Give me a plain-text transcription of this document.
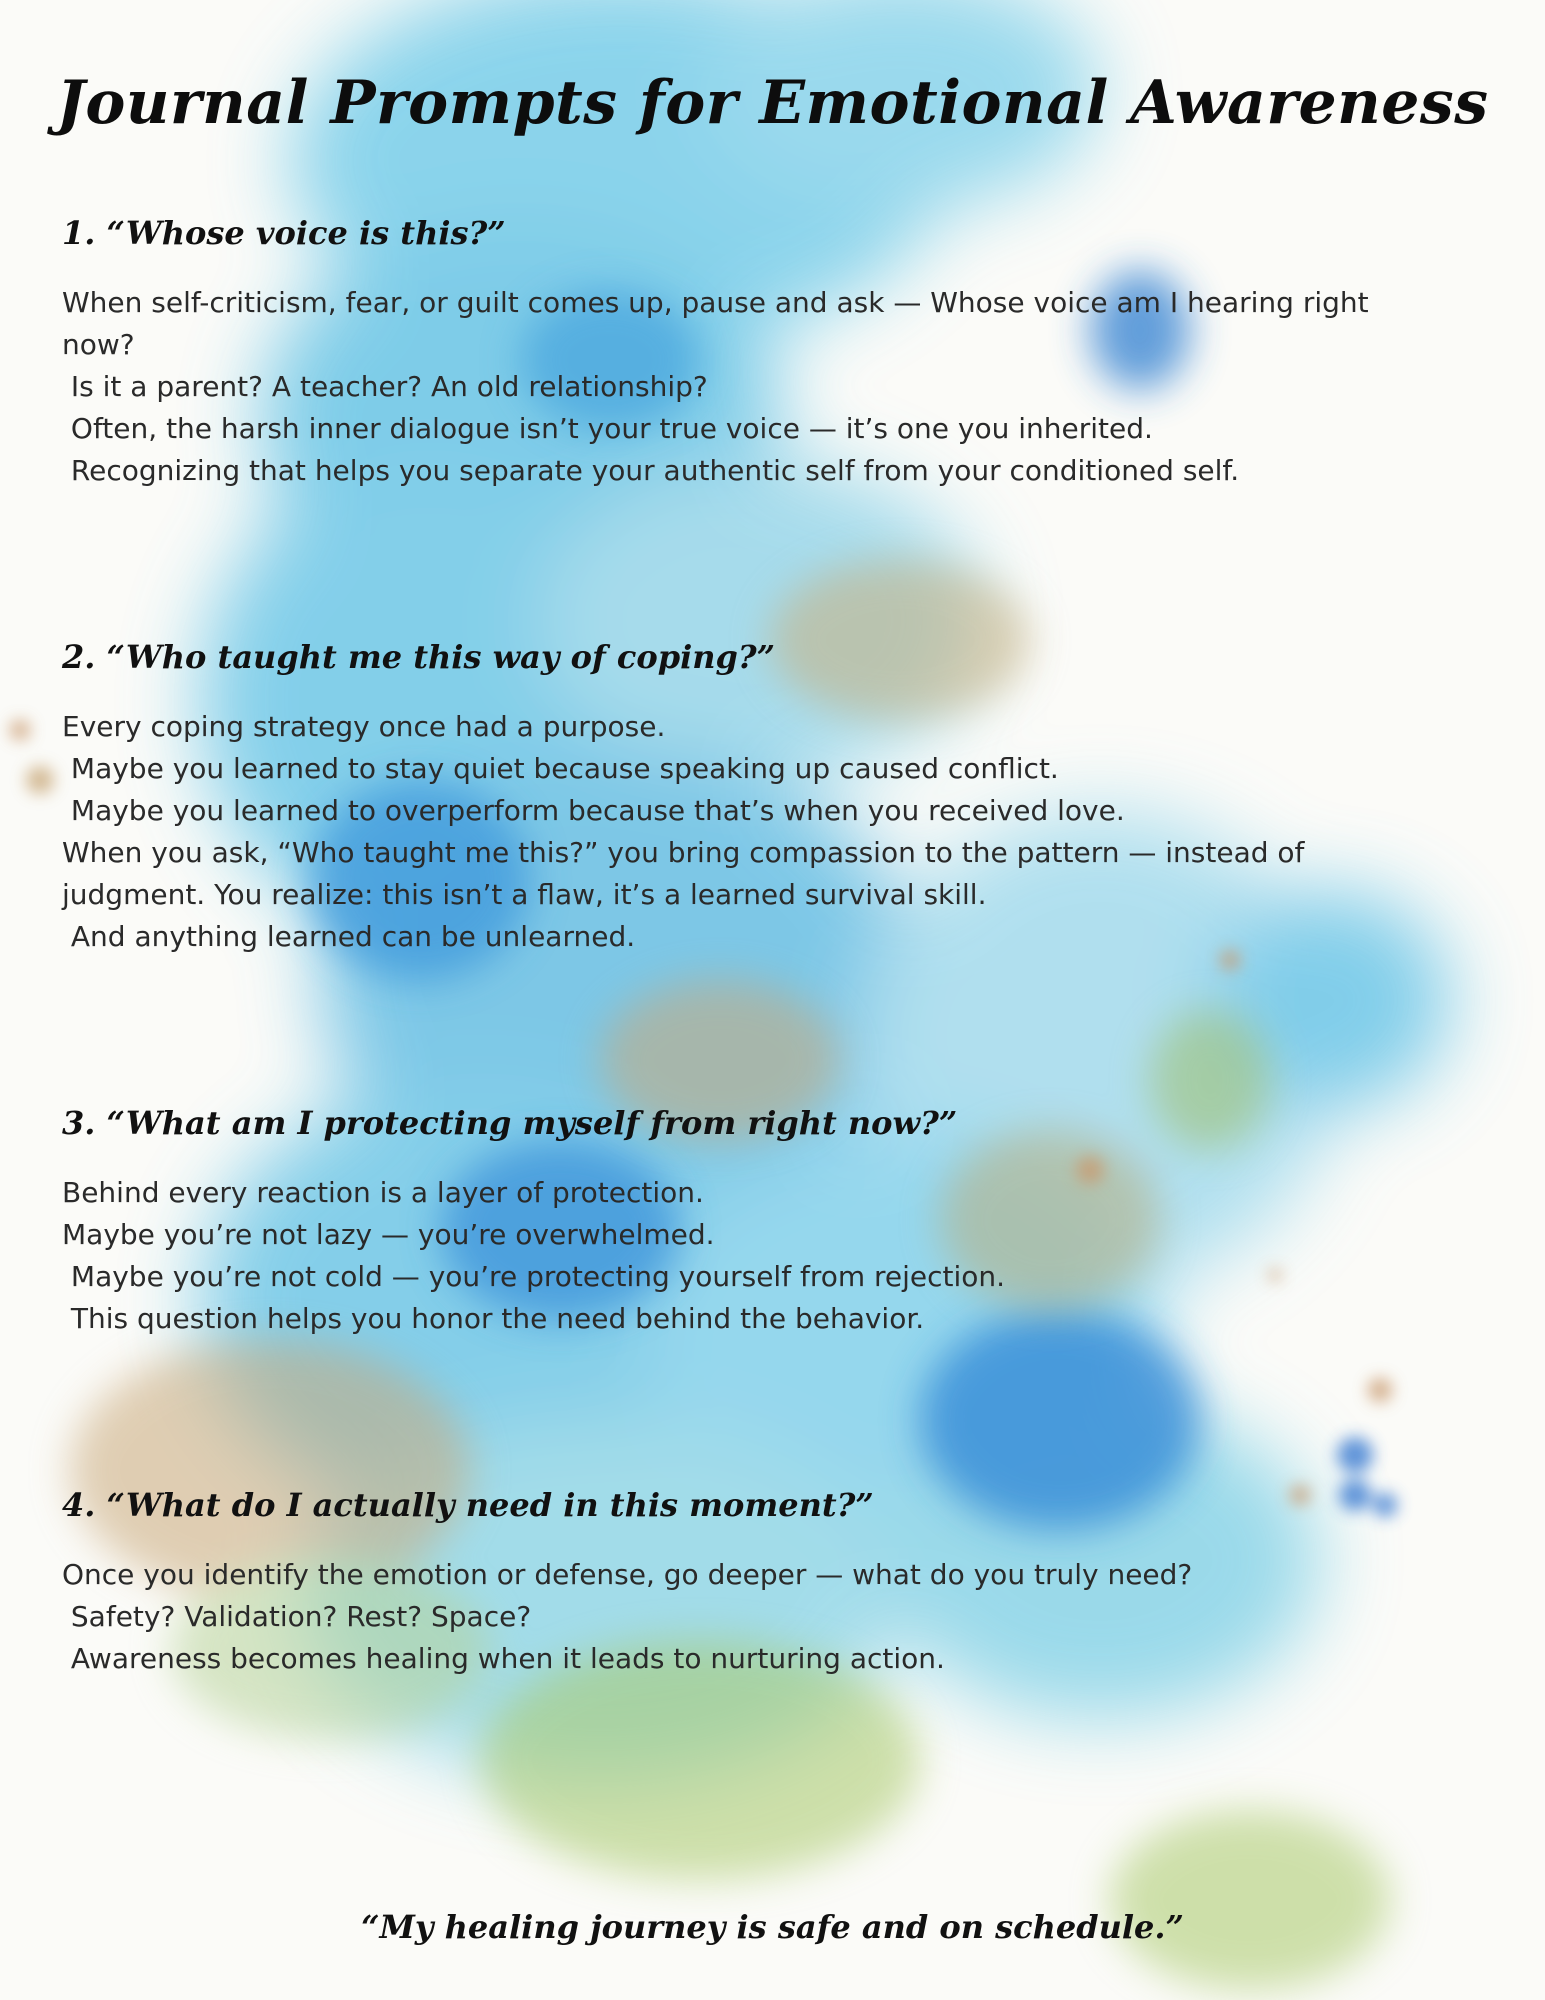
Journal Prompts for Emotional Awareness
1. “Whose voice is this?”

When self-criticism, fear, or guilt comes up, pause and ask — Whose voice am I hearing right

now?

Is it a parent? A teacher? An old relationship?

Often, the harsh inner dialogue isn’t your true voice — it’s one you inherited.

Recognizing that helps you separate your authentic self from your conditioned self.

2. “Who taught me this way of coping?”

Every coping strategy once had a purpose.

Maybe you learned to stay quiet because speaking up caused conflict.

Maybe you learned to overperform because that’s when you received love.

When you ask, “Who taught me this?” you bring compassion to the pattern — instead of

judgment. You realize: this isn’t a flaw, it’s a learned survival skill.

And anything learned can be unlearned.

3. “What am I protecting myself from right now?”

Behind every reaction is a layer of protection.

Maybe you’re not lazy — you’re overwhelmed.

Maybe you’re not cold — you’re protecting yourself from rejection.

This question helps you honor the need behind the behavior.

4. “What do I actually need in this moment?”

Once you identify the emotion or defense, go deeper — what do you truly need?

Safety? Validation? Rest? Space?

Awareness becomes healing when it leads to nurturing action.

“My healing journey is safe and on schedule.”
